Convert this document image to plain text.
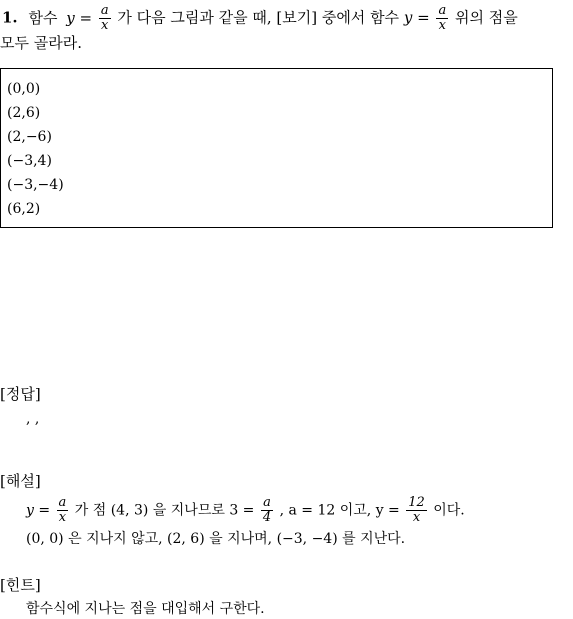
1. 함수 $y = \frac{a}{x}$ 가 다음 그림과 같을 때, [보기] 중에서 함수 $y = \frac{a}{x}$ 위의 점을
모두 골라라.
(0,0)
(2,6)
(2,−6)
(−3,4)
(−3,−4)
(6,2)
[정답]
, ,
[해설]
$y = \frac{a}{x}$ 가 점 (4, 3) 을 지나므로 $3 = \frac{a}{4}$ , a = 12 이고, $y = \frac{12}{x}$ 이다.
(0, 0) 은 지나지 않고, (2, 6) 을 지나며, (−3, −4) 를 지난다.
[힌트]
함수식에 지나는 점을 대입해서 구한다.
